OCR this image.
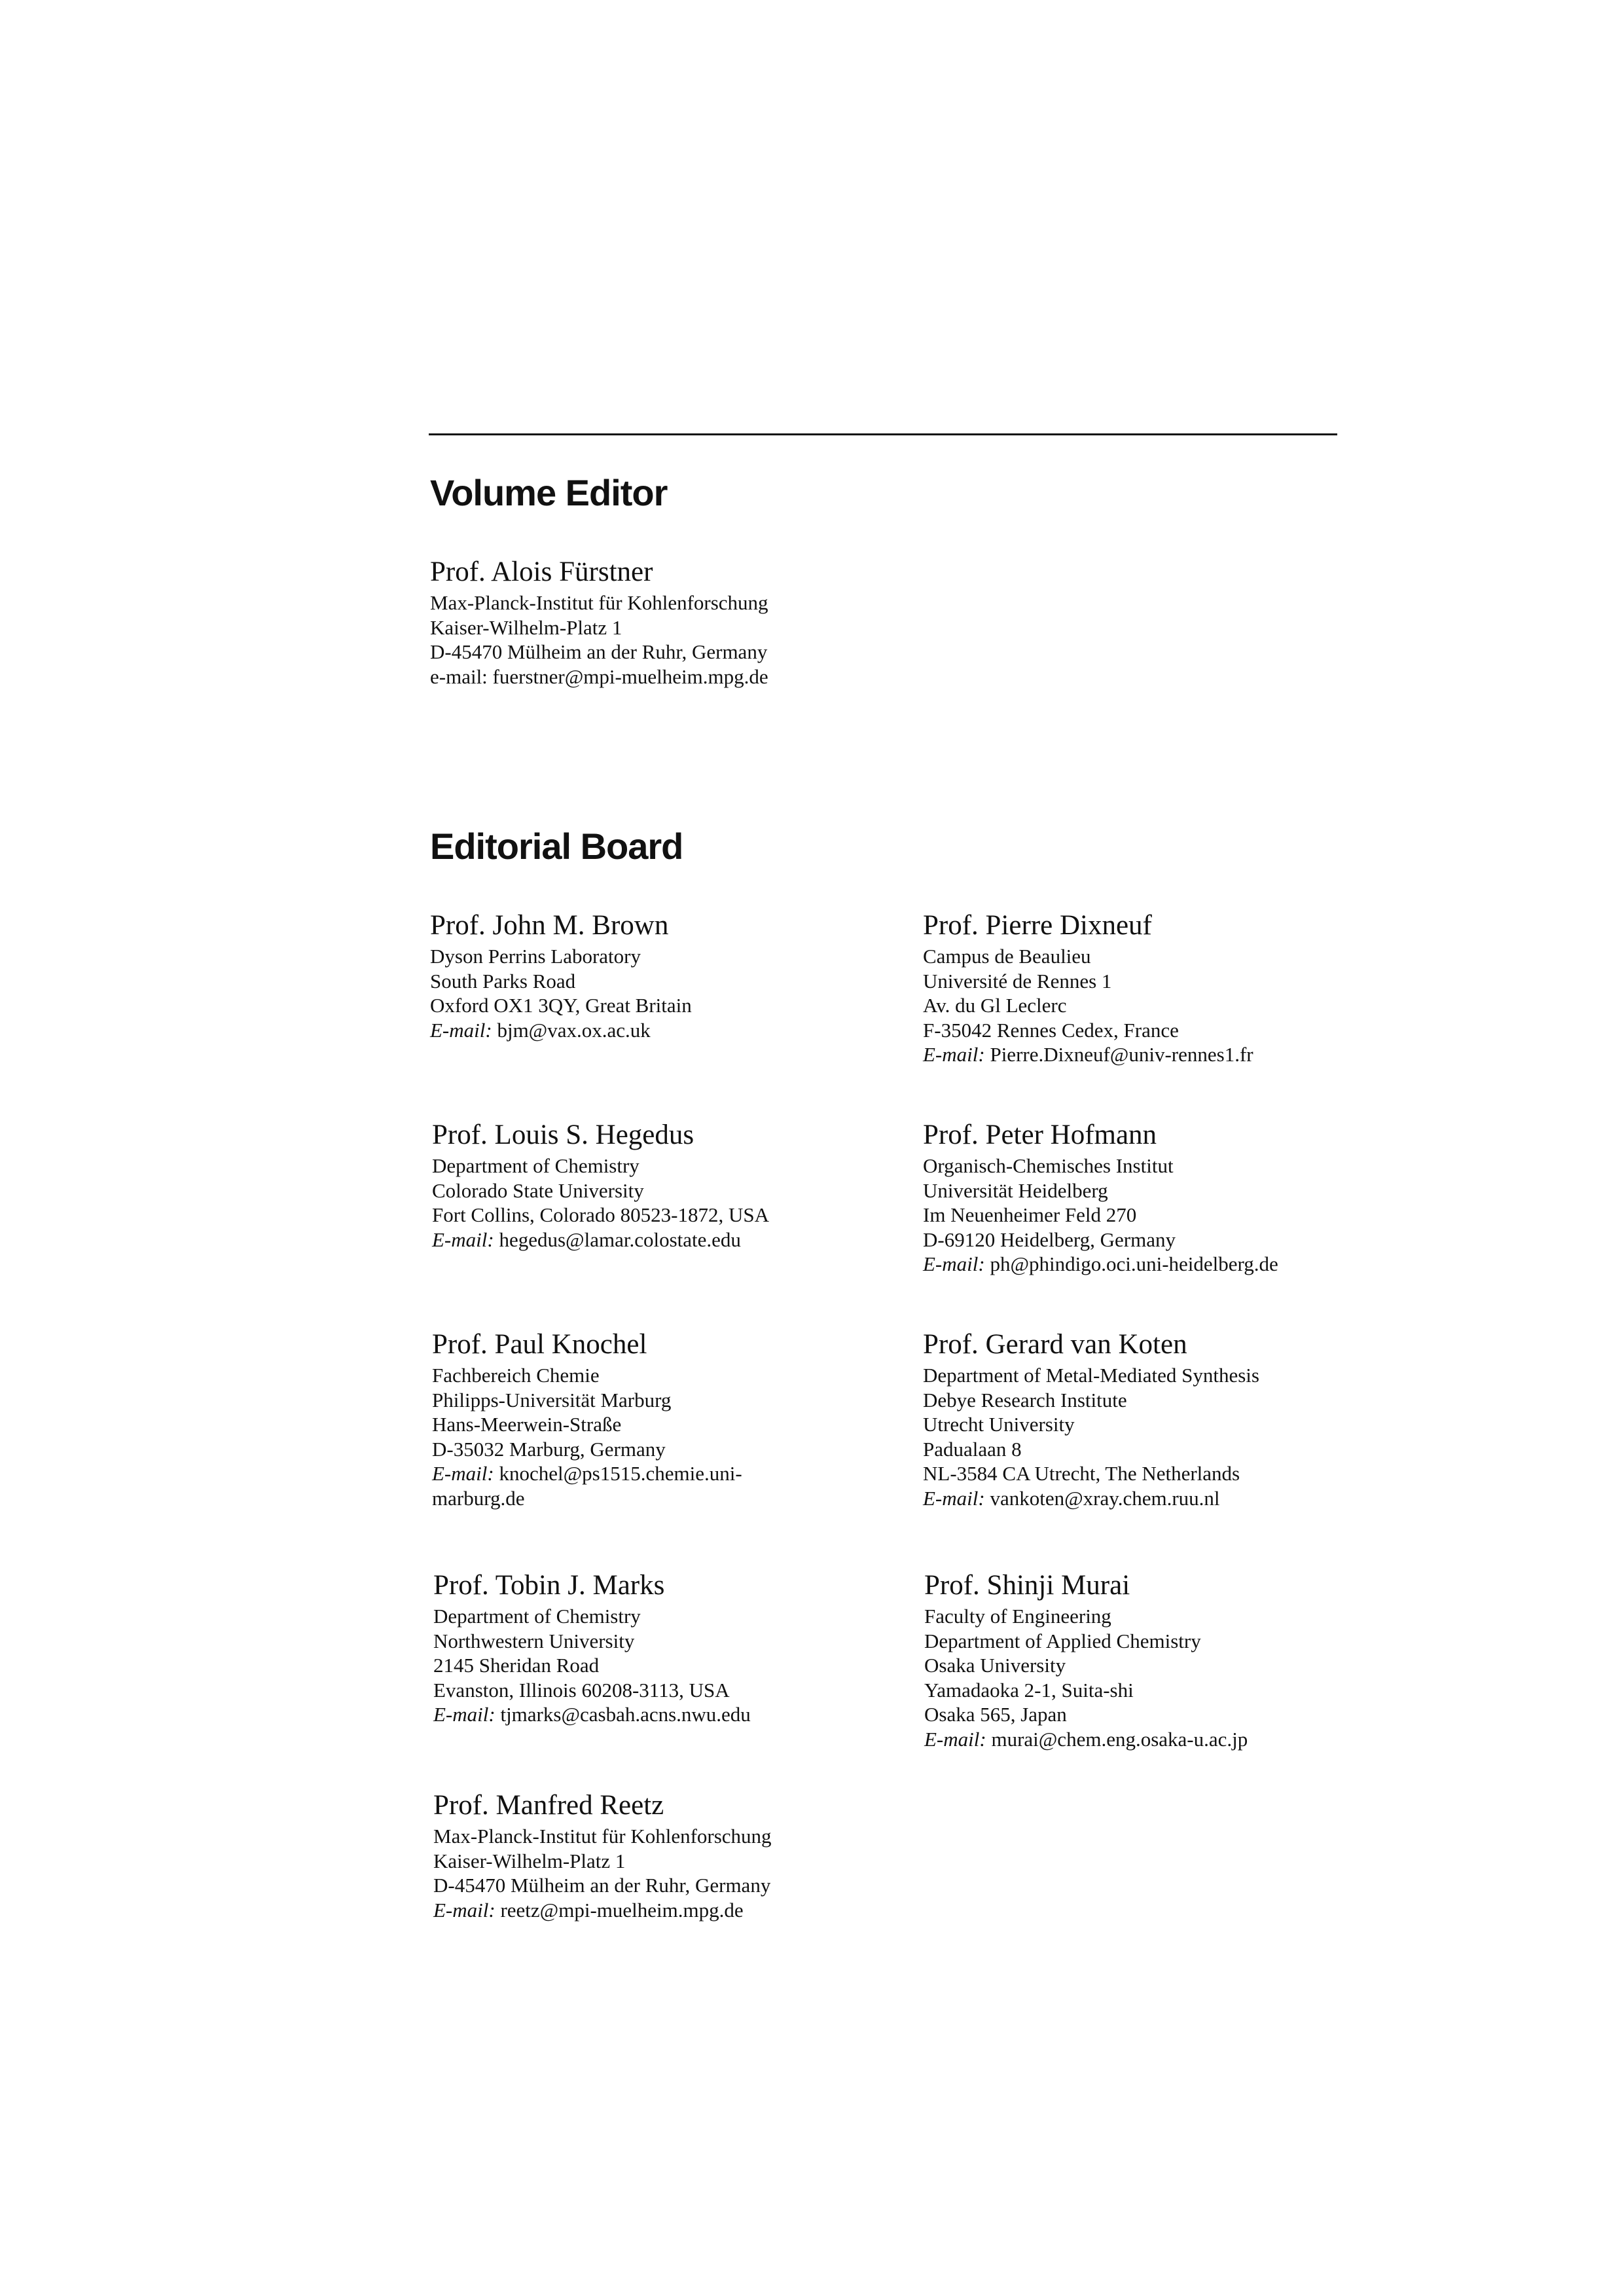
Volume Editor
Prof. Alois Fürstner
Max-Planck-Institut für Kohlenforschung
Kaiser-Wilhelm-Platz 1
D-45470 Mülheim an der Ruhr, Germany
e-mail: fuerstner@mpi-muelheim.mpg.de
Editorial Board
Prof. John M. Brown
Dyson Perrins Laboratory
South Parks Road
Oxford OX1 3QY, Great Britain
E-mail: bjm@vax.ox.ac.uk
Prof. Pierre Dixneuf
Campus de Beaulieu
Université de Rennes 1
Av. du Gl Leclerc
F-35042 Rennes Cedex, France
E-mail: Pierre.Dixneuf@univ-rennes1.fr
Prof. Louis S. Hegedus
Department of Chemistry
Colorado State University
Fort Collins, Colorado 80523-1872, USA
E-mail: hegedus@lamar.colostate.edu
Prof. Peter Hofmann
Organisch-Chemisches Institut
Universität Heidelberg
Im Neuenheimer Feld 270
D-69120 Heidelberg, Germany
E-mail: ph@phindigo.oci.uni-heidelberg.de
Prof. Paul Knochel
Fachbereich Chemie
Philipps-Universität Marburg
Hans-Meerwein-Straße
D-35032 Marburg, Germany
E-mail: knochel@ps1515.chemie.uni-
marburg.de
Prof. Gerard van Koten
Department of Metal-Mediated Synthesis
Debye Research Institute
Utrecht University
Padualaan 8
NL-3584 CA Utrecht, The Netherlands
E-mail: vankoten@xray.chem.ruu.nl
Prof. Tobin J. Marks
Department of Chemistry
Northwestern University
2145 Sheridan Road
Evanston, Illinois 60208-3113, USA
E-mail: tjmarks@casbah.acns.nwu.edu
Prof. Shinji Murai
Faculty of Engineering
Department of Applied Chemistry
Osaka University
Yamadaoka 2-1, Suita-shi
Osaka 565, Japan
E-mail: murai@chem.eng.osaka-u.ac.jp
Prof. Manfred Reetz
Max-Planck-Institut für Kohlenforschung
Kaiser-Wilhelm-Platz 1
D-45470 Mülheim an der Ruhr, Germany
E-mail: reetz@mpi-muelheim.mpg.de
